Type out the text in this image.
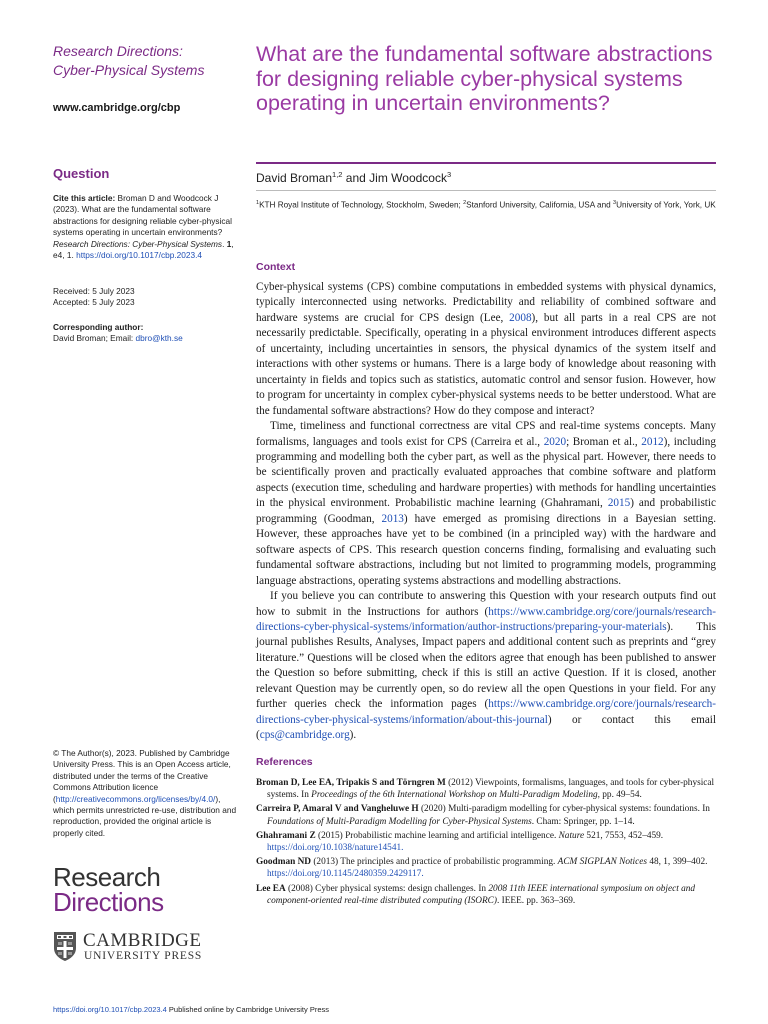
Research Directions:
Cyber-Physical Systems
www.cambridge.org/cbp
Question
Cite this article: Broman D and Woodcock J (2023). What are the fundamental software abstractions for designing reliable cyber-physical systems operating in uncertain environments? Research Directions: Cyber-Physical Systems. 1, e4, 1. https://doi.org/10.1017/cbp.2023.4
Received: 5 July 2023
Accepted: 5 July 2023
Corresponding author:
David Broman; Email: dbro@kth.se
© The Author(s), 2023. Published by Cambridge University Press. This is an Open Access article, distributed under the terms of the Creative Commons Attribution licence (http://creativecommons.org/licenses/by/4.0/), which permits unrestricted re-use, distribution and reproduction, provided the original article is properly cited.
Research
Directions
CAMBRIDGE
UNIVERSITY PRESS
What are the fundamental software abstractions for designing reliable cyber-physical systems operating in uncertain environments?
David Broman$^{1,2}$ and Jim Woodcock$^3$
$^1$KTH Royal Institute of Technology, Stockholm, Sweden; $^2$Stanford University, California, USA and $^3$University of York, York, UK
Context

Cyber-physical systems (CPS) combine computations in embedded systems with physical dynamics, typically interconnected using networks. Predictability and reliability of combined software and hardware systems are crucial for CPS design (Lee, 2008), but all parts in a real CPS are not necessarily predictable. Specifically, operating in a physical environment introduces different aspects of uncertainty, including uncertainties in sensors, the physical dynamics of the system itself and interactions with other systems or humans. There is a large body of knowledge about reasoning with uncertainty in fields and topics such as statistics, automatic control and sensor fusion. However, how to program for uncertainty in complex cyber-physical systems needs to be better understood. What are the fundamental software abstractions? How do they compose and interact?

Time, timeliness and functional correctness are vital CPS and real-time systems concepts. Many formalisms, languages and tools exist for CPS (Carreira et al., 2020; Broman et al., 2012), including programming and modelling both the cyber part, as well as the physical part. However, there needs to be scientifically proven and practically evaluated approaches that combine software and platform aspects (execution time, scheduling and hardware properties) with methods for handling uncertainties in the physical environment. Probabilistic machine learning (Ghahramani, 2015) and probabilistic programming (Goodman, 2013) have emerged as promising directions in a Bayesian setting. However, these approaches have yet to be combined (in a principled way) with the hardware and software aspects of CPS. This research question concerns finding, formalising and evaluating such fundamental software abstractions, including but not limited to programming models, programming language abstractions, operating systems abstractions and modelling abstractions.

If you believe you can contribute to answering this Question with your research outputs find out how to submit in the Instructions for authors (https://www.cambridge.org/core/journals/research-directions-cyber-physical-systems/information/author-instructions/preparing-your-materials). This journal publishes Results, Analyses, Impact papers and additional content such as preprints and “grey literature.” Questions will be closed when the editors agree that enough has been published to answer the Question so before submitting, check if this is still an active Question. If it is closed, another relevant Question may be currently open, so do review all the open Questions in your field. For any further queries check the information pages (https://www.cambridge.org/core/journals/research-directions-cyber-physical-systems/information/about-this-journal) or contact this email (cps@cambridge.org).

References

Broman D, Lee EA, Tripakis S and Törngren M (2012) Viewpoints, formalisms, languages, and tools for cyber-physical systems. In Proceedings of the 6th International Workshop on Multi-Paradigm Modeling, pp. 49–54.

Carreira P, Amaral V and Vangheluwe H (2020) Multi-paradigm modelling for cyber-physical systems: foundations. In Foundations of Multi-Paradigm Modelling for Cyber-Physical Systems. Cham: Springer, pp. 1–14.

Ghahramani Z (2015) Probabilistic machine learning and artificial intelligence. Nature 521, 7553, 452–459. https://doi.org/10.1038/nature14541.

Goodman ND (2013) The principles and practice of probabilistic programming. ACM SIGPLAN Notices 48, 1, 399–402. https://doi.org/10.1145/2480359.2429117.

Lee EA (2008) Cyber physical systems: design challenges. In 2008 11th IEEE international symposium on object and component-oriented real-time distributed computing (ISORC). IEEE. pp. 363–369.

https://doi.org/10.1017/cbp.2023.4 Published online by Cambridge University Press
